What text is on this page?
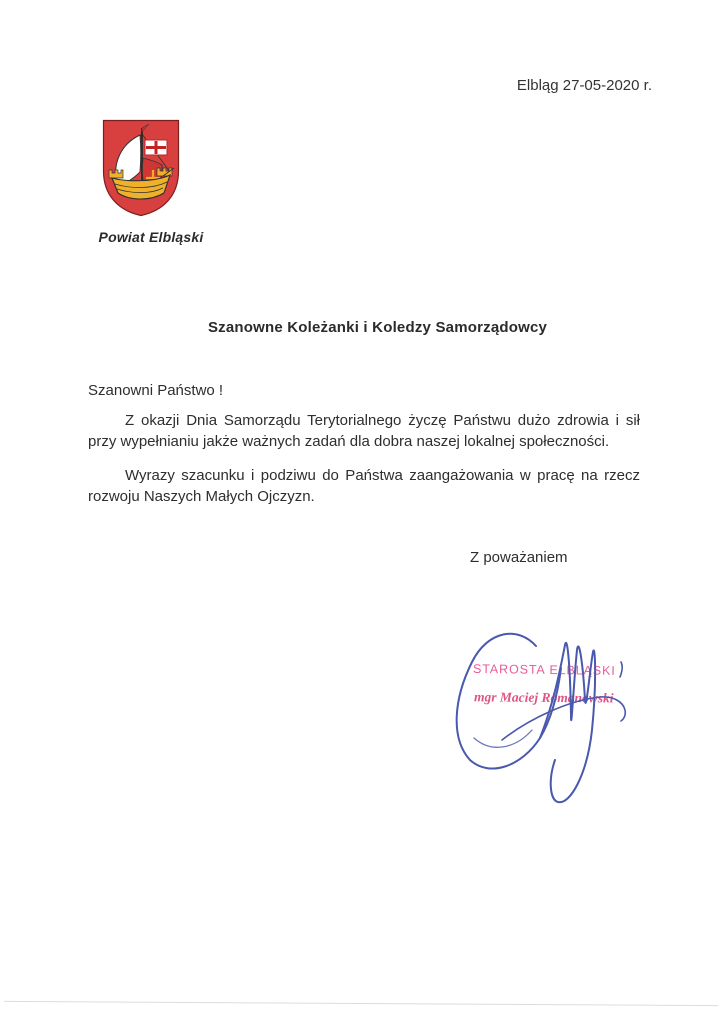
Elbląg 27-05-2020 r.
Powiat Elbląski
Szanowne Koleżanki i Koledzy Samorządowcy
Szanowni Państwo !
Z okazji Dnia Samorządu Terytorialnego życzę Państwu dużo zdrowia i sił przy wypełnianiu jakże ważnych zadań dla dobra naszej lokalnej społeczności.
Wyrazy szacunku i podziwu do Państwa zaangażowania w pracę na rzecz rozwoju Naszych Małych Ojczyzn.
Z poważaniem
STAROSTA ELBLĄSKI
mgr Maciej Romanowski
